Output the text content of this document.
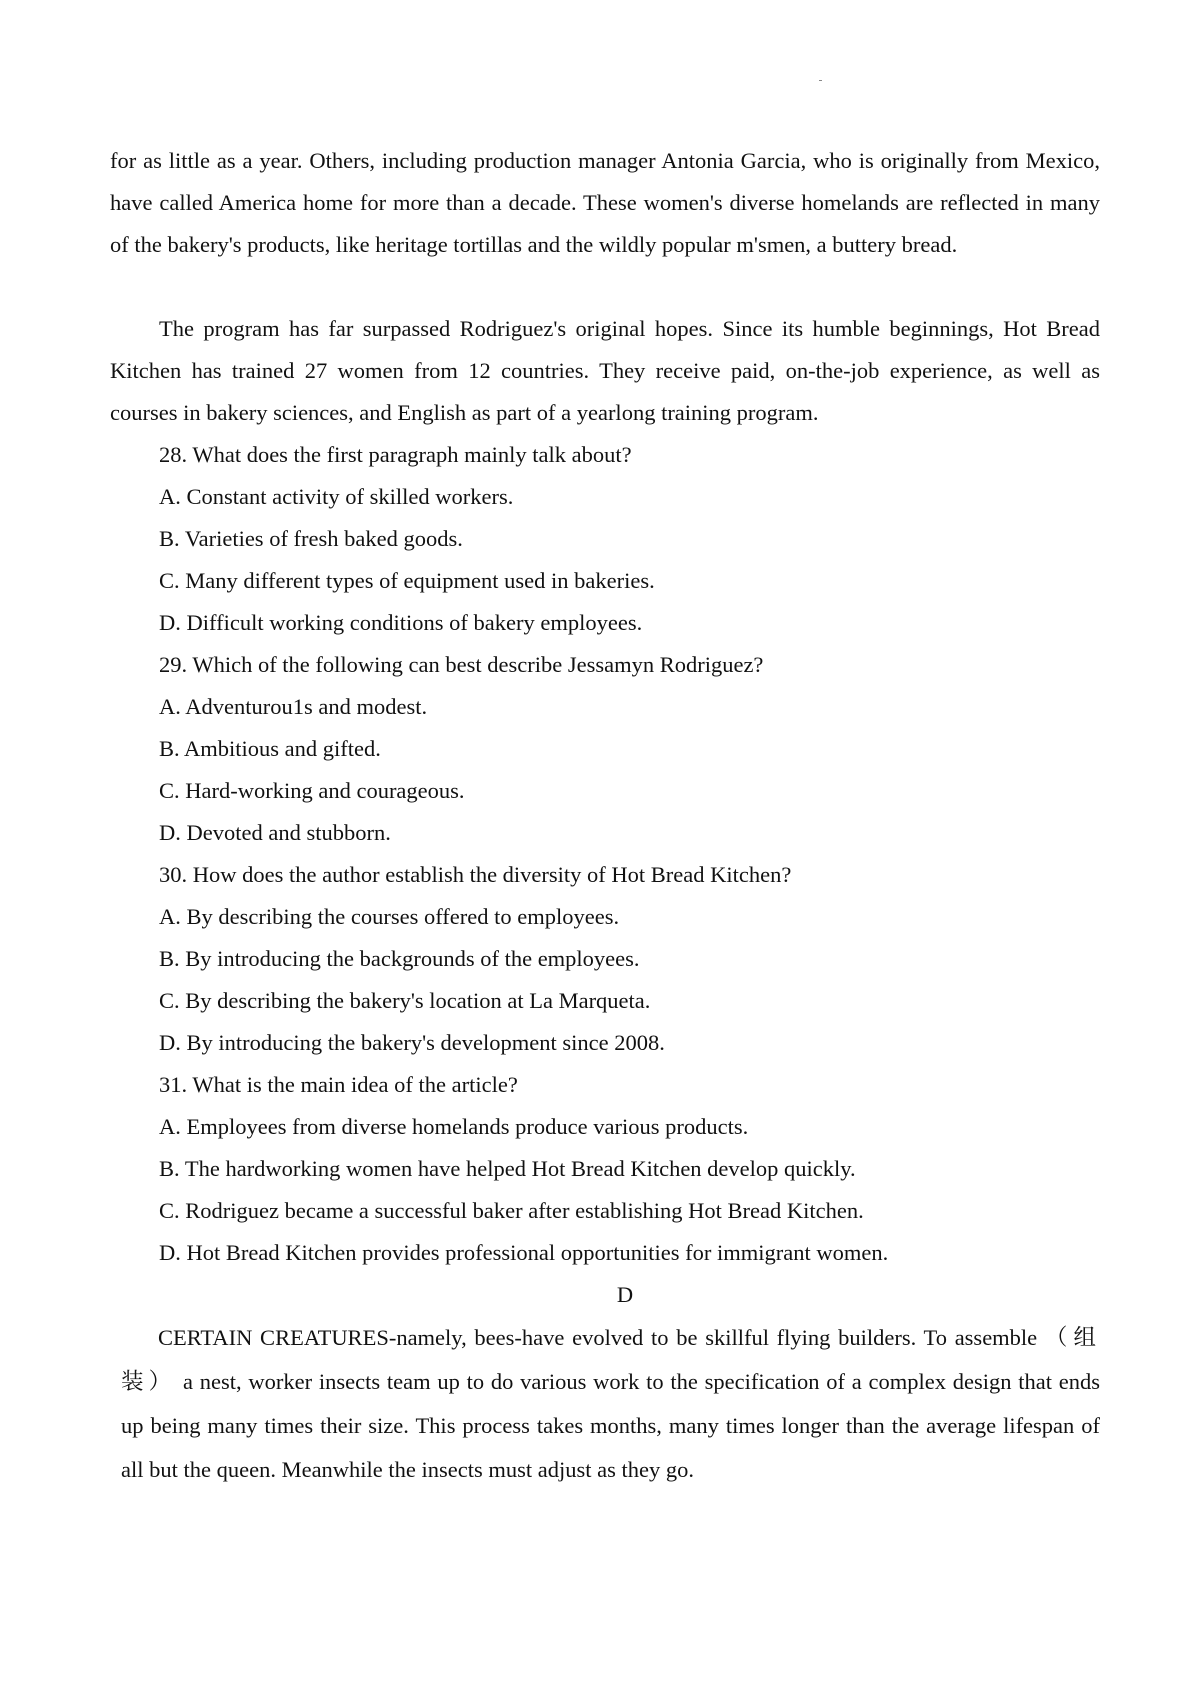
for as little as a year. Others, including production manager Antonia Garcia, who is originally from Mexico, have called America home for more than a decade. These women's diverse homelands are reflected in many of the bakery's products, like heritage tortillas and the wildly popular m'smen, a buttery bread.

The program has far surpassed Rodriguez's original hopes. Since its humble beginnings, Hot Bread Kitchen has trained 27 women from 12 countries. They receive paid, on-the-job experience, as well as courses in bakery sciences, and English as part of a yearlong training program.

28. What does the first paragraph mainly talk about?

A. Constant activity of skilled workers.

B. Varieties of fresh baked goods.

C. Many different types of equipment used in bakeries.

D. Difficult working conditions of bakery employees.

29. Which of the following can best describe Jessamyn Rodriguez?

A. Adventurou1s and modest.

B. Ambitious and gifted.

C. Hard-working and courageous.

D. Devoted and stubborn.

30. How does the author establish the diversity of Hot Bread Kitchen?

A. By describing the courses offered to employees.

B. By introducing the backgrounds of the employees.

C. By describing the bakery's location at La Marqueta.

D. By introducing the bakery's development since 2008.

31. What is the main idea of the article?

A. Employees from diverse homelands produce various products.

B. The hardworking women have helped Hot Bread Kitchen develop quickly.

C. Rodriguez became a successful baker after establishing Hot Bread Kitchen.

D. Hot Bread Kitchen provides professional opportunities for immigrant women.

D

CERTAIN CREATURES-namely, bees-have evolved to be skillful flying builders. To assemble （组装） a nest, worker insects team up to do various work to the specification of a complex design that ends up being many times their size. This process takes months, many times longer than the average lifespan of all but the queen. Meanwhile the insects must adjust as they go.
